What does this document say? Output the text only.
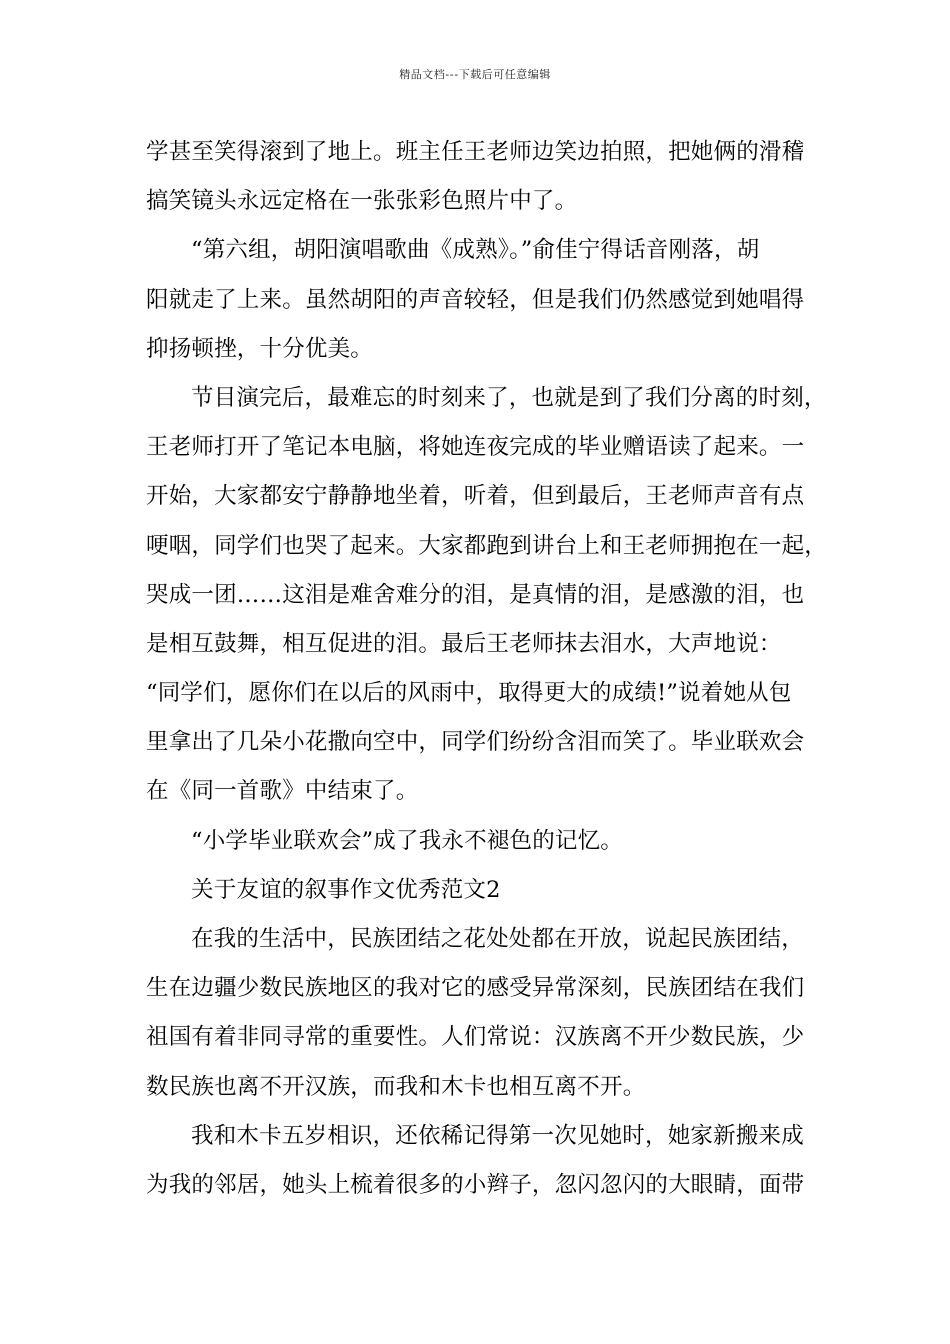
精品文档---下载后可任意编辑
学甚至笑得滚到了地上。班主任王老师边笑边拍照，把她俩的滑稽
搞笑镜头永远定格在一张张彩色照片中了。
“第六组，胡阳演唱歌曲《成熟》。”俞佳宁得话音刚落，胡
阳就走了上来。虽然胡阳的声音较轻，但是我们仍然感觉到她唱得
抑扬顿挫，十分优美。
节目演完后，最难忘的时刻来了，也就是到了我们分离的时刻，
王老师打开了笔记本电脑，将她连夜完成的毕业赠语读了起来。一
开始，大家都安宁静静地坐着，听着，但到最后，王老师声音有点
哽咽，同学们也哭了起来。大家都跑到讲台上和王老师拥抱在一起，
哭成一团……这泪是难舍难分的泪，是真情的泪，是感激的泪，也
是相互鼓舞，相互促进的泪。最后王老师抹去泪水，大声地说：
“同学们，愿你们在以后的风雨中，取得更大的成绩!”说着她从包
里拿出了几朵小花撒向空中，同学们纷纷含泪而笑了。毕业联欢会
在《同一首歌》中结束了。
“小学毕业联欢会”成了我永不褪色的记忆。
关于友谊的叙事作文优秀范文2
在我的生活中，民族团结之花处处都在开放，说起民族团结，
生在边疆少数民族地区的我对它的感受异常深刻，民族团结在我们
祖国有着非同寻常的重要性。人们常说：汉族离不开少数民族，少
数民族也离不开汉族，而我和木卡也相互离不开。
我和木卡五岁相识，还依稀记得第一次见她时，她家新搬来成
为我的邻居，她头上梳着很多的小辫子，忽闪忽闪的大眼睛，面带
